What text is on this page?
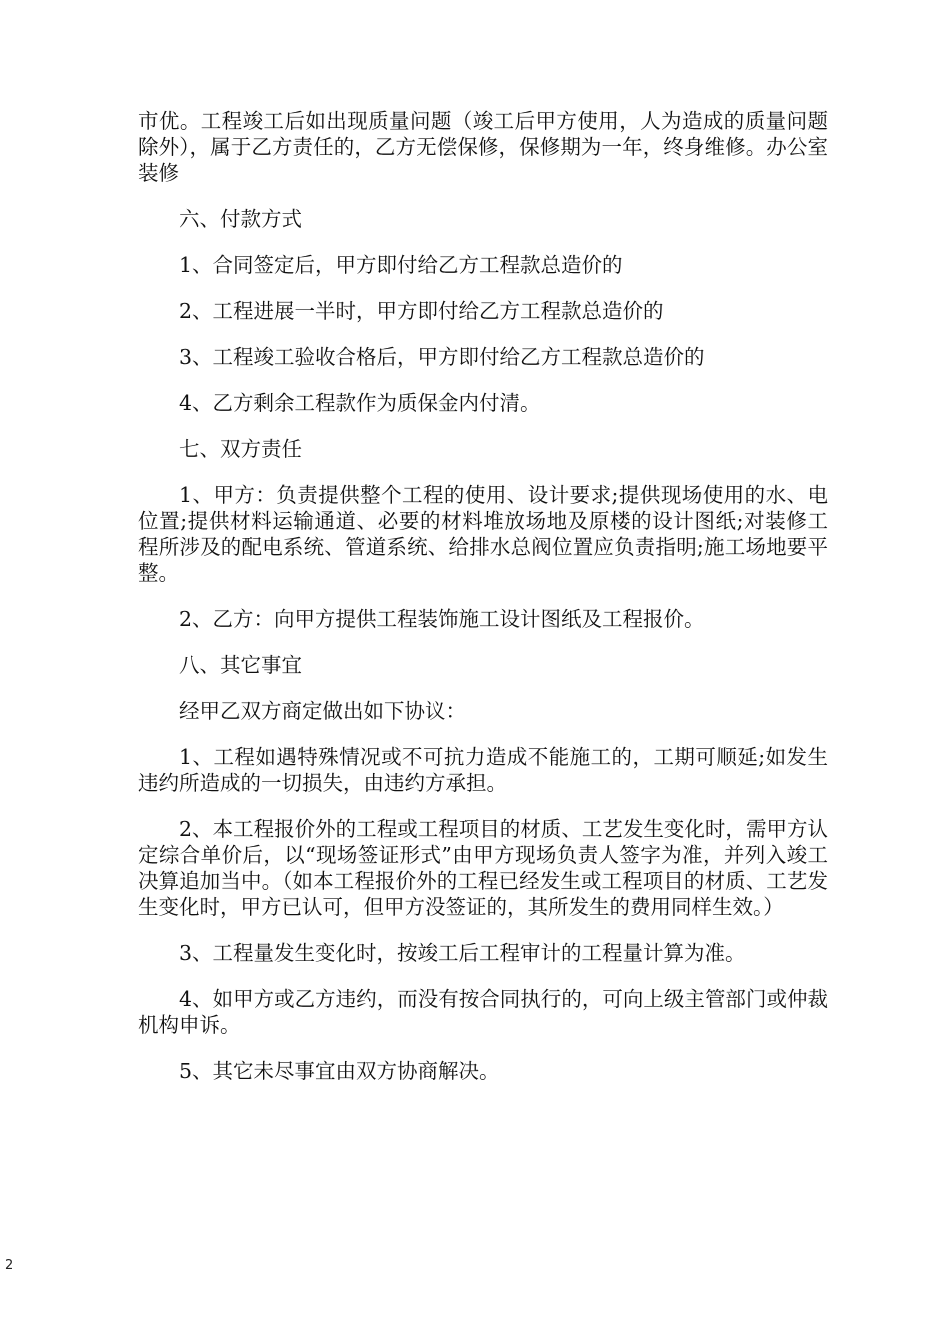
市优。工程竣工后如出现质量问题（竣工后甲方使用，人为造成的质量问题除外），属于乙方责任的，乙方无偿保修，保修期为一年，终身维修。办公室装修

六、付款方式

1、合同签定后，甲方即付给乙方工程款总造价的

2、工程进展一半时，甲方即付给乙方工程款总造价的

3、工程竣工验收合格后，甲方即付给乙方工程款总造价的

4、乙方剩余工程款作为质保金内付清。

七、双方责任

1、甲方：负责提供整个工程的使用、设计要求;提供现场使用的水、电位置;提供材料运输通道、必要的材料堆放场地及原楼的设计图纸;对装修工程所涉及的配电系统、管道系统、给排水总阀位置应负责指明;施工场地要平整。

2、乙方：向甲方提供工程装饰施工设计图纸及工程报价。

八、其它事宜

经甲乙双方商定做出如下协议：

1、工程如遇特殊情况或不可抗力造成不能施工的，工期可顺延;如发生违约所造成的一切损失，由违约方承担。

2、本工程报价外的工程或工程项目的材质、工艺发生变化时，需甲方认定综合单价后，以“现场签证形式”由甲方现场负责人签字为准，并列入竣工决算追加当中。（如本工程报价外的工程已经发生或工程项目的材质、工艺发生变化时，甲方已认可，但甲方没签证的，其所发生的费用同样生效。）

3、工程量发生变化时，按竣工后工程审计的工程量计算为准。

4、如甲方或乙方违约，而没有按合同执行的，可向上级主管部门或仲裁机构申诉。

5、其它未尽事宜由双方协商解决。

2
